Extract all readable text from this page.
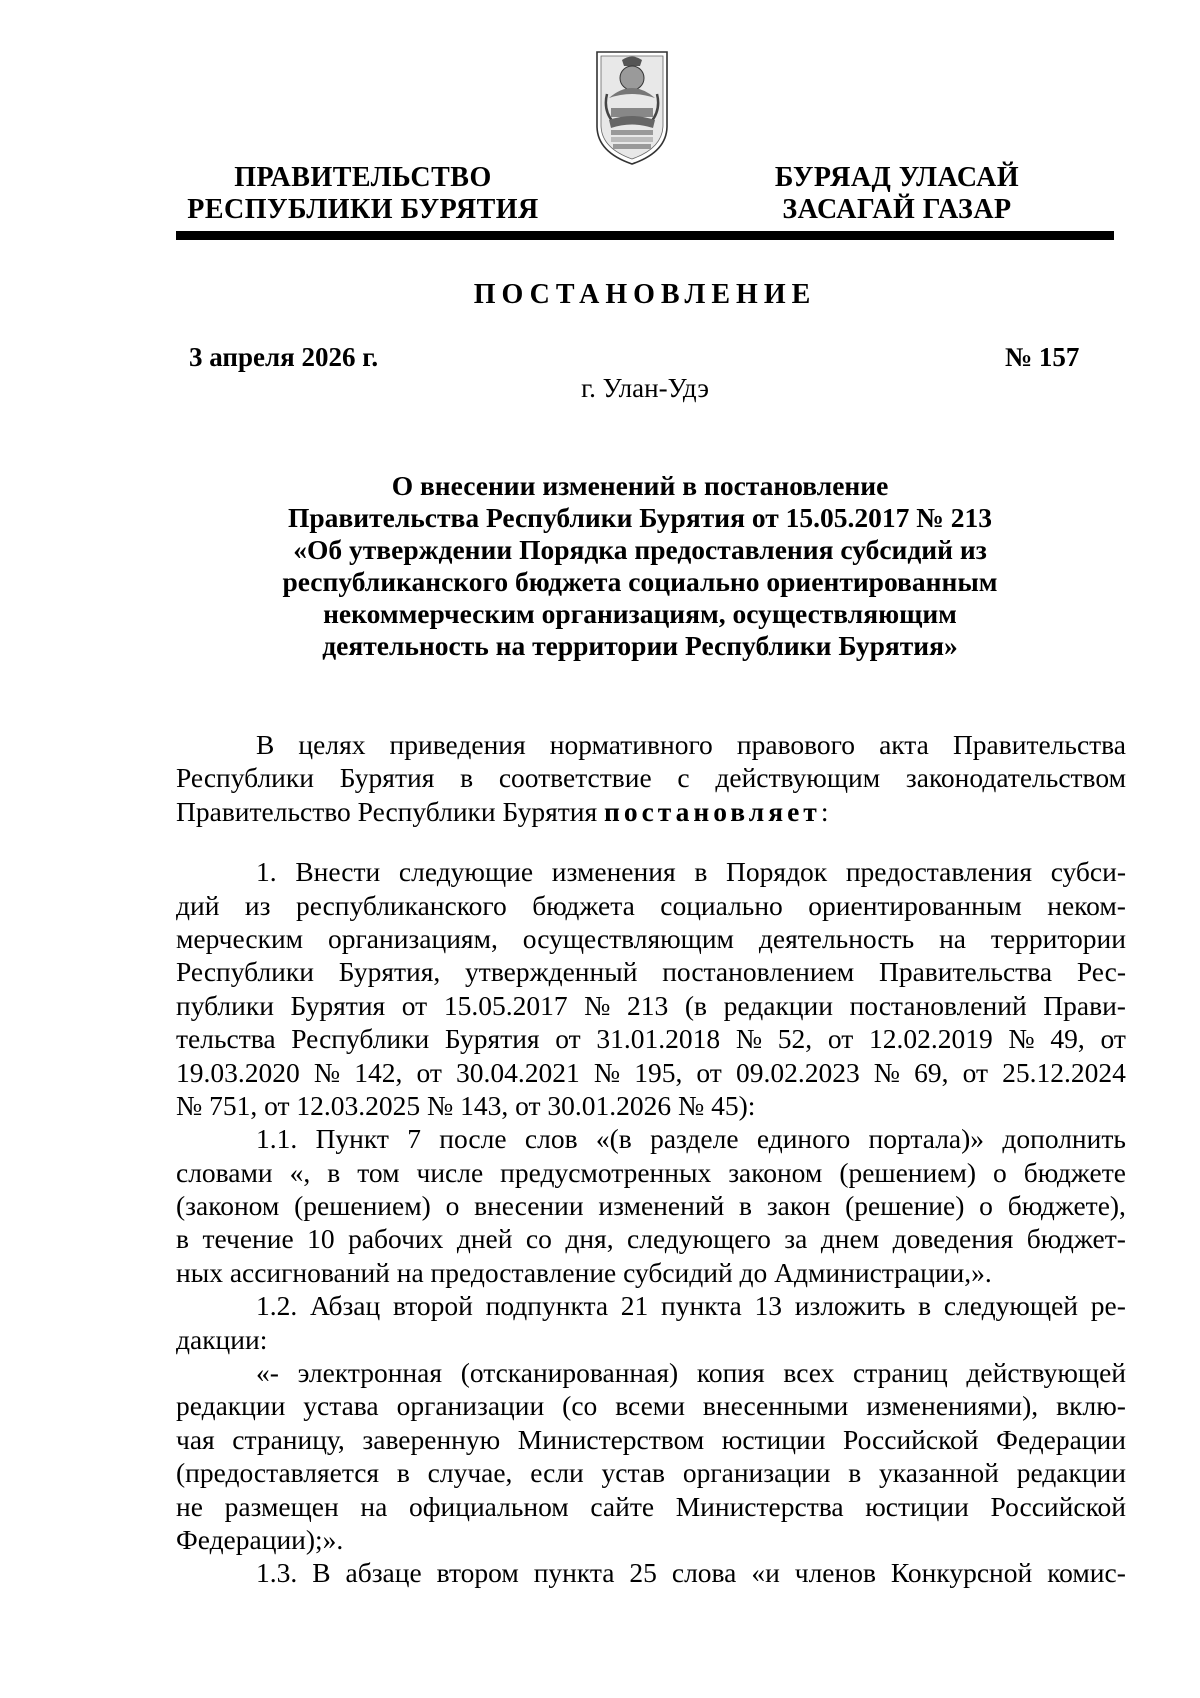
ПРАВИТЕЛЬСТВО
РЕСПУБЛИКИ БУРЯТИЯ
БУРЯАД УЛАСАЙ
ЗАСАГАЙ ГАЗАР
ПОСТАНОВЛЕНИЕ
3 апреля 2026 г.	№ 157
г. Улан-Удэ
О внесении изменений в постановление
Правительства Республики Бурятия от 15.05.2017 № 213
«Об утверждении Порядка предоставления субсидий из
республиканского бюджета социально ориентированным
некоммерческим организациям, осуществляющим
деятельность на территории Республики Бурятия»
В целях приведения нормативного правового акта Правительства
Республики Бурятия в соответствие с действующим законодательством
Правительство Республики Бурятия постановляет :
1. Внести следующие изменения в Порядок предоставления субси-
дий из республиканского бюджета социально ориентированным неком-
мерческим организациям, осуществляющим деятельность на территории
Республики Бурятия, утвержденный постановлением Правительства Рес-
публики Бурятия от 15.05.2017 № 213 (в редакции постановлений Прави-
тельства Республики Бурятия от 31.01.2018 № 52, от 12.02.2019 № 49, от
19.03.2020 № 142, от 30.04.2021 № 195, от 09.02.2023 № 69, от 25.12.2024
№ 751, от 12.03.2025 № 143, от 30.01.2026 № 45):
1.1. Пункт 7 после слов «(в разделе единого портала)» дополнить
словами «, в том числе предусмотренных законом (решением) о бюджете
(законом (решением) о внесении изменений в закон (решение) о бюджете),
в течение 10 рабочих дней со дня, следующего за днем доведения бюджет-
ных ассигнований на предоставление субсидий до Администрации,».
1.2. Абзац второй подпункта 21 пункта 13 изложить в следующей ре-
дакции:
«- электронная (отсканированная) копия всех страниц действующей
редакции устава организации (со всеми внесенными изменениями), вклю-
чая страницу, заверенную Министерством юстиции Российской Федерации
(предоставляется в случае, если устав организации в указанной редакции
не размещен на официальном сайте Министерства юстиции Российской
Федерации);».
1.3. В абзаце втором пункта 25 слова «и членов Конкурсной комис-
